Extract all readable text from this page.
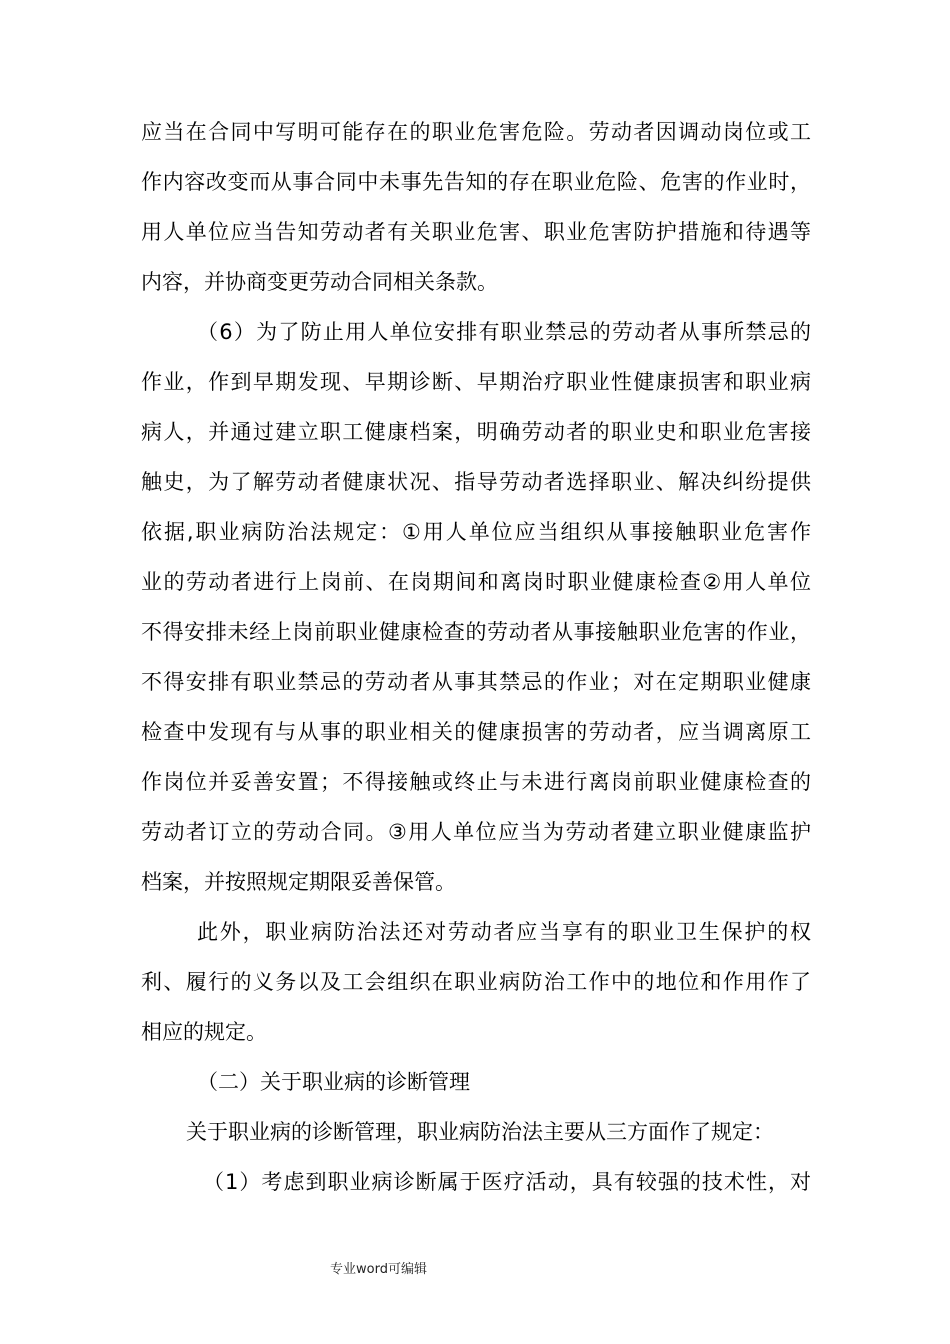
应当在合同中写明可能存在的职业危害危险。劳动者因调动岗位或工
作内容改变而从事合同中未事先告知的存在职业危险、危害的作业时，
用人单位应当告知劳动者有关职业危害、职业危害防护措施和待遇等
内容，并协商变更劳动合同相关条款。
（6）为了防止用人单位安排有职业禁忌的劳动者从事所禁忌的
作业，作到早期发现、早期诊断、早期治疗职业性健康损害和职业病
病人，并通过建立职工健康档案，明确劳动者的职业史和职业危害接
触史，为了解劳动者健康状况、指导劳动者选择职业、解决纠纷提供
依据,职业病防治法规定：①用人单位应当组织从事接触职业危害作
业的劳动者进行上岗前、在岗期间和离岗时职业健康检查②用人单位
不得安排未经上岗前职业健康检查的劳动者从事接触职业危害的作业，
不得安排有职业禁忌的劳动者从事其禁忌的作业；对在定期职业健康
检查中发现有与从事的职业相关的健康损害的劳动者，应当调离原工
作岗位并妥善安置；不得接触或终止与未进行离岗前职业健康检查的
劳动者订立的劳动合同。③用人单位应当为劳动者建立职业健康监护
档案，并按照规定期限妥善保管。
此外，职业病防治法还对劳动者应当享有的职业卫生保护的权
利、履行的义务以及工会组织在职业病防治工作中的地位和作用作了
相应的规定。
（二）关于职业病的诊断管理
关于职业病的诊断管理，职业病防治法主要从三方面作了规定：
（1）考虑到职业病诊断属于医疗活动，具有较强的技术性，对
专业word可编辑
